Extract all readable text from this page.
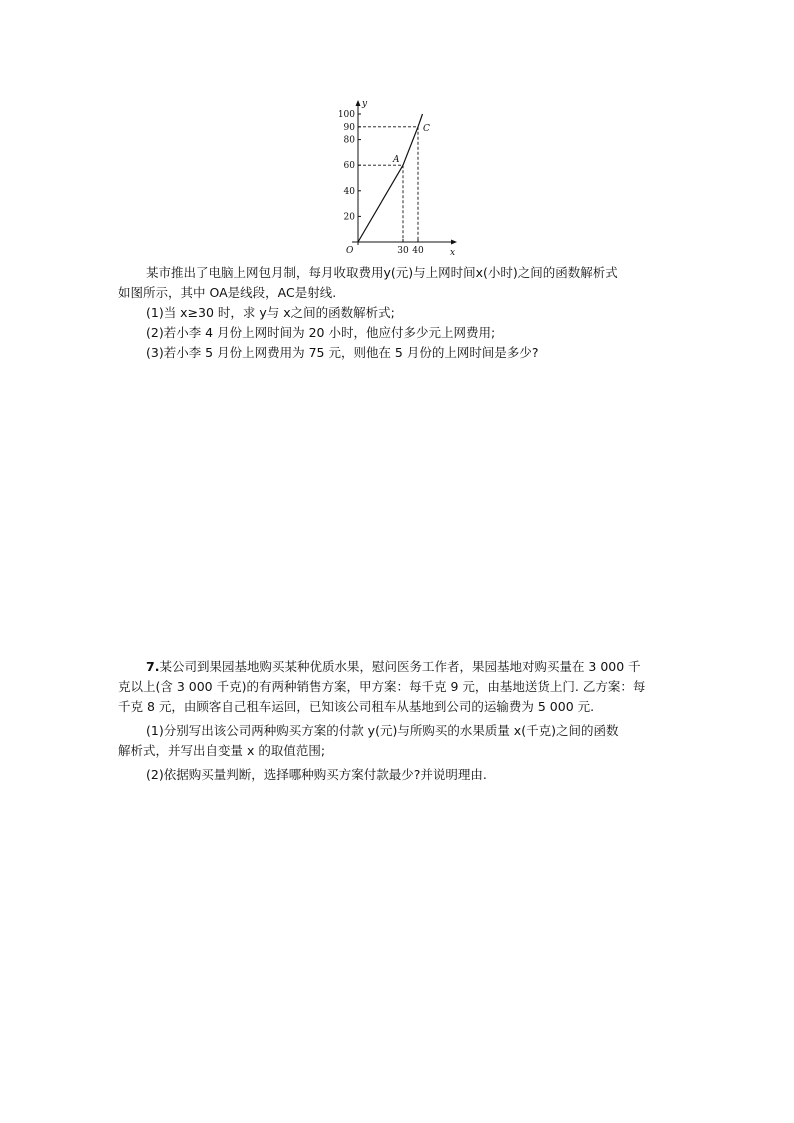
y
x
O
20
40
60
80
90
100
30 40
A
C

某市推出了电脑上网包月制，每月收取费用y(元)与上网时间x(小时)之间的函数解析式

如图所示，其中 OA是线段，AC是射线.

(1)当 x≥30 时，求 y与 x之间的函数解析式;

(2)若小李 4 月份上网时间为 20 小时，他应付多少元上网费用;

(3)若小李 5 月份上网费用为 75 元，则他在 5 月份的上网时间是多少?

7.某公司到果园基地购买某种优质水果，慰问医务工作者，果园基地对购买量在 3 000 千

克以上(含 3 000 千克)的有两种销售方案，甲方案：每千克 9 元，由基地送货上门. 乙方案：每

千克 8 元，由顾客自己租车运回，已知该公司租车从基地到公司的运输费为 5 000 元.

(1)分别写出该公司两种购买方案的付款 y(元)与所购买的水果质量 x(千克)之间的函数

解析式，并写出自变量 x 的取值范围;

(2)依据购买量判断，选择哪种购买方案付款最少?并说明理由.
